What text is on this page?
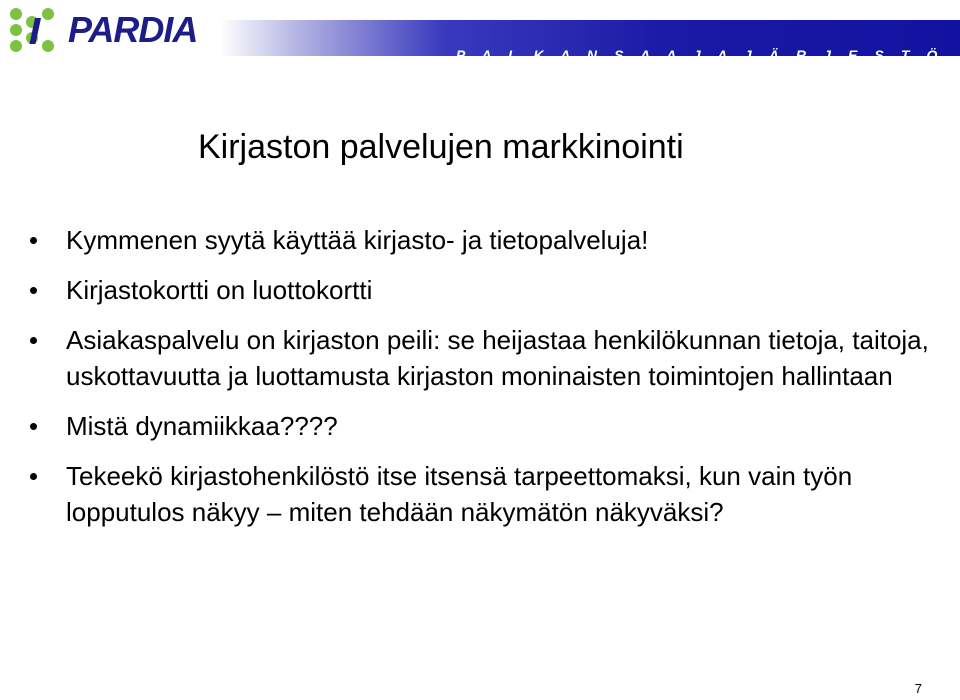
PARDIA
P A L K A N S A A J A J Ä R J E S T Ö
Kirjaston palvelujen markkinointi
Kymmenen syytä käyttää kirjasto- ja tietopalveluja!
Kirjastokortti on luottokortti
Asiakaspalvelu on kirjaston peili: se heijastaa henkilökunnan tietoja, taitoja, uskottavuutta ja luottamusta kirjaston moninaisten toimintojen hallintaan
Mistä dynamiikkaa????
Tekeekö kirjastohenkilöstö itse itsensä tarpeettomaksi, kun vain työn lopputulos näkyy – miten tehdään näkymätön näkyväksi?
7
